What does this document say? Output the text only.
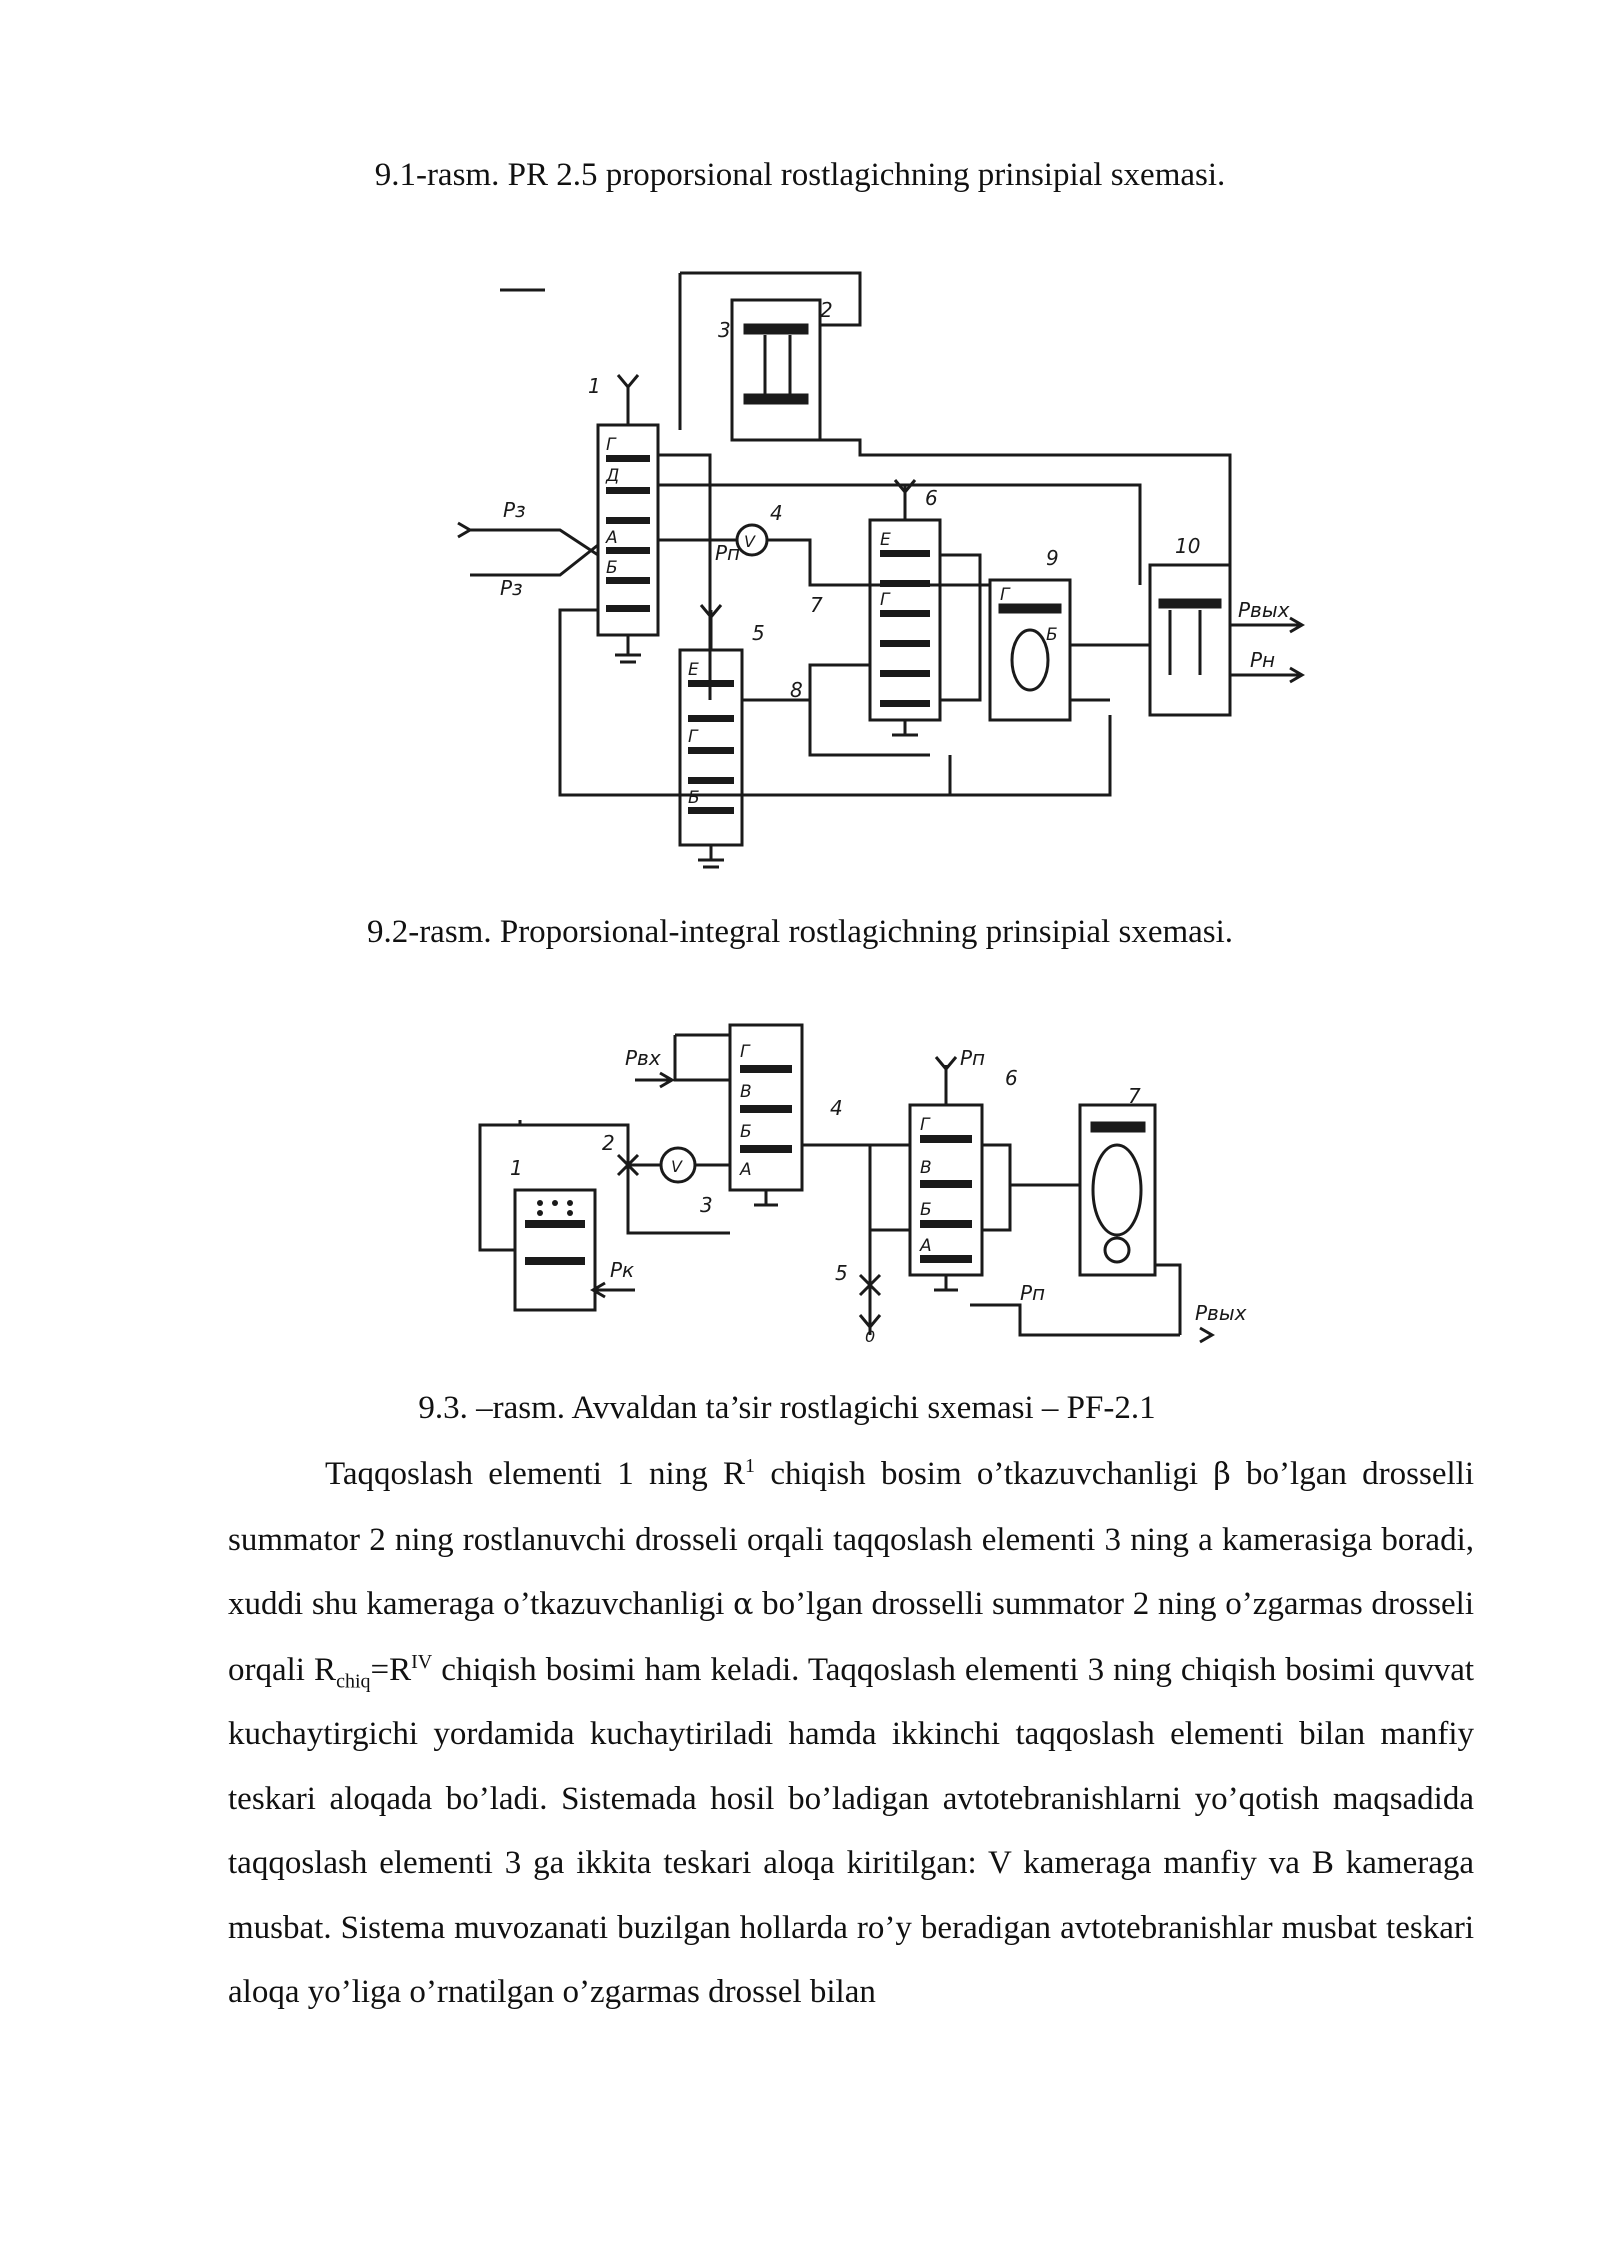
9.1-rasm. PR 2.5 proporsional rostlagichning prinsipial sxemasi.
1
2
3
4
5
6
7
8
9	10
Pз
Pз
Pвых
Pн
Pп V
Г
Д
А
Б
Е
Г
Е
Г
Б
Г
Б
9.2-rasm. Proporsional-integral rostlagichning prinsipial sxemasi.
1
2
3
4
5
6
7
Pвх
Pк
Pп
Pп
Pвых
0
V
Г
В
Б
А
Г
В
Б
А
9.3. –rasm. Avvaldan ta’sir rostlagichi sxemasi – PF-2.1

Taqqoslash elementi 1 ning $R^1$ chiqish bosim o’tkazuvchanligi β bo’lgan drosselli summator 2 ning rostlanuvchi drosseli orqali taqqoslash elementi 3 ning a kamerasiga boradi, xuddi shu kameraga o’tkazuvchanligi α bo’lgan drosselli summator 2 ning o’zgarmas drosseli orqali $R_{chiq}=R^{IV}$ chiqish bosimi ham keladi. Taqqoslash elementi 3 ning chiqish bosimi quvvat kuchaytirgichi yordamida kuchaytiriladi hamda ikkinchi taqqoslash elementi bilan manfiy teskari aloqada bo’ladi. Sistemada hosil bo’ladigan avtotebranishlarni yo’qotish maqsadida taqqoslash elementi 3 ga ikkita teskari aloqa kiritilgan: V kameraga manfiy va B kameraga musbat. Sistema muvozanati buzilgan hollarda ro’y beradigan avtotebranishlar musbat teskari aloqa yo’liga o’rnatilgan o’zgarmas drossel bilan
